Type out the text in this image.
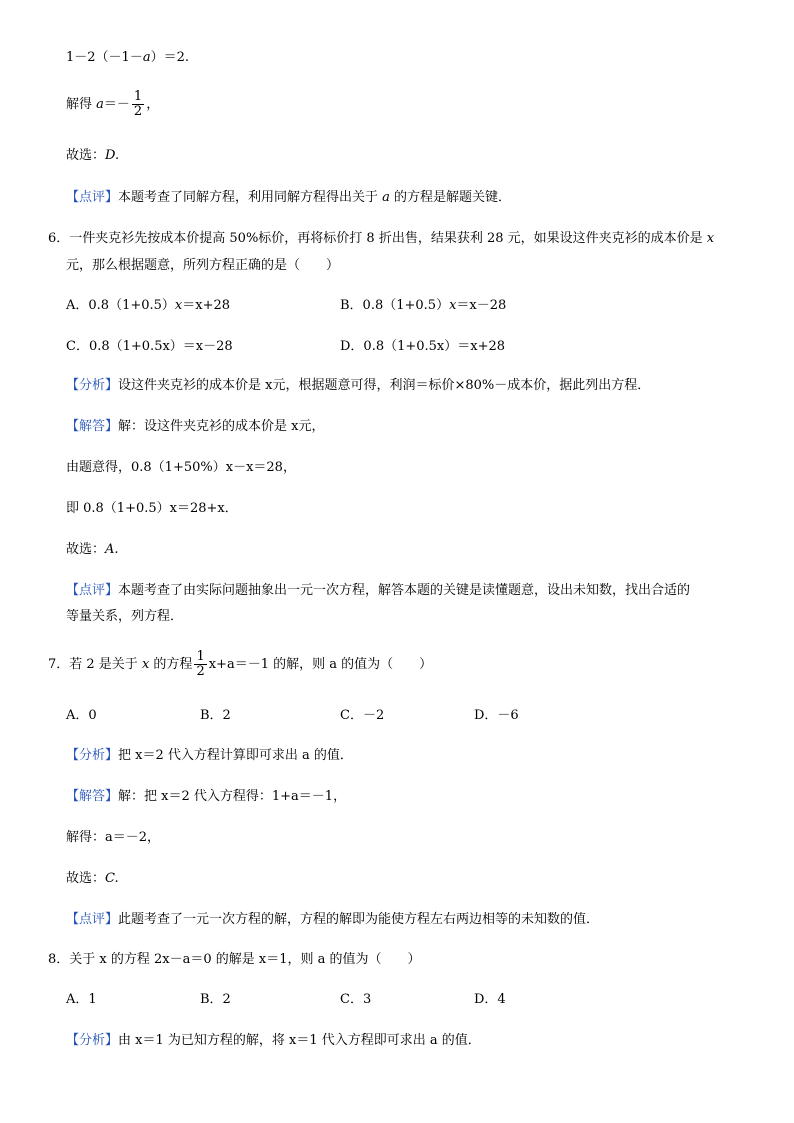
1－2（－1－a）＝2.
解得 $a=- \frac{1}{2}$ ，
故选：D.
【点评】本题考查了同解方程，利用同解方程得出关于 a 的方程是解题关键．
6．一件夹克衫先按成本价提高 50%标价，再将标价打 8 折出售，结果获利 28 元，如果设这件夹克衫的成本价是 x
元，那么根据题意，所列方程正确的是（　　）
A．0.8（1+0.5）x＝x+28	B．0.8（1+0.5）x＝x－28
C．0.8（1+0.5x）＝x－28	D．0.8（1+0.5x）＝x+28
【分析】设这件夹克衫的成本价是 x元，根据题意可得，利润＝标价×80%－成本价，据此列出方程．
【解答】解：设这件夹克衫的成本价是 x元，
由题意得，0.8（1+50%）x－x＝28，
即 0.8（1+0.5）x＝28+x．
故选：A.
【点评】本题考查了由实际问题抽象出一元一次方程，解答本题的关键是读懂题意，设出未知数，找出合适的
等量关系，列方程．
7．若 2 是关于 x 的方程 $\frac{1}{2} x+a=-1$ 的解，则 a 的值为（　　）
A．0	B．2	C．－2	D．－6
【分析】把 x＝2 代入方程计算即可求出 a 的值．
【解答】解：把 x＝2 代入方程得：1+a＝－1，
解得：a＝－2，
故选：C.
【点评】此题考查了一元一次方程的解，方程的解即为能使方程左右两边相等的未知数的值．
8．关于 x 的方程 2x－a＝0 的解是 x＝1，则 a 的值为（　　）
A．1	B．2	C．3	D．4
【分析】由 x＝1 为已知方程的解，将 x＝1 代入方程即可求出 a 的值．
